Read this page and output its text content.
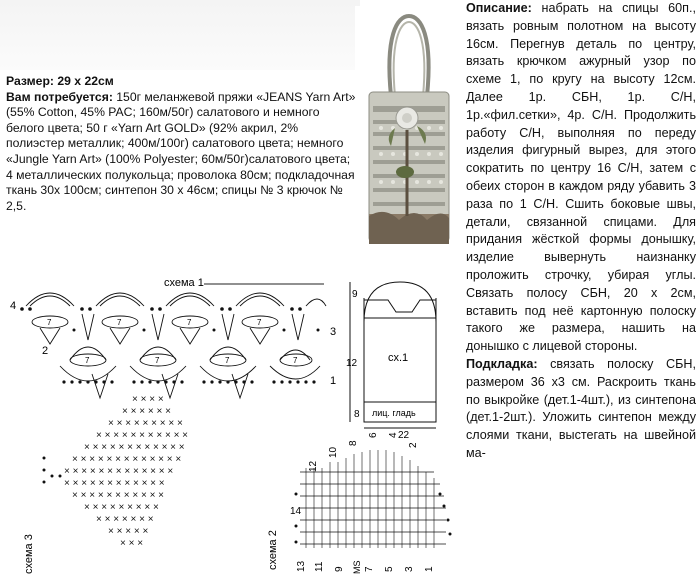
Размер: 29 х 22см
Вам потребуется: 150г меланжевой пряжи «JEANS Yarn Art» (55% Cotton, 45% PAC; 160м/50г) салатового и немного белого цвета; 50 г «Yarn Art GOLD» (92% акрил, 2% полиэстер металлик; 400м/100г) салатового цвета; немного «Jungle Yarn Art» (100% Polyester; 60м/50г)салатового цвета; 4 металлических полукольца; проволока 80см; подкладочная ткань 30х 100см; синтепон 30 х 46см; спицы № 3 крючок № 2,5.
Описание: набрать на спицы 60п., вязать ровным полотном на высоту 16см. Перегнув деталь по центру, вязать крючком ажурный узор по схеме 1, по кругу на высоту 12см. Далее 1р. СБН, 1р. С/Н, 1р.«фил.сетки», 4р. С/Н. Продолжить работу С/Н, выполняя по переду изделия фигурный вырез, для этого сократить по центру 16 С/Н, затем с обеих сторон в каждом ряду убавить 3 раза по 1 С/Н. Сшить боковые швы, детали, связанной спицами. Для придания жёсткой формы донышку, изделие вывернуть наизнанку проложить строчку, убирая углы. Связать полосу СБН, 20 х 2см, вставить под неё картонную полоску такого же размера, нашить на донышко с лицевой стороны.
Подкладка: связать полоску СБН, размером 36 х3 см. Раскроить ткань по выкройке (дет.1-4шт.), из синтепона (дет.1-2шт.). Уложить синтепон между слоями ткани, выстегать на швейной ма-
схема 1
4
3
2
1
7	7	7	7
7	7	7	7
9
12
8
22
сх.1
лиц. гладь
схема 3
× × × ×
× × × × × ×
× × × × × × × × ×
× × × × × × × × × × ×
× × × × × × × × × × × ×
× × × × × × × × × × × × ×
× × × × × × × × × × × × ×
× × × × × × × × × × × ×
× × × × × × × × × × ×
× × × × × × × × ×
× × × × × × ×
× × × × ×
× × ×	схема 2
14
12
10
8
6 4
2
13 11 9 MS 7 5 3 1
